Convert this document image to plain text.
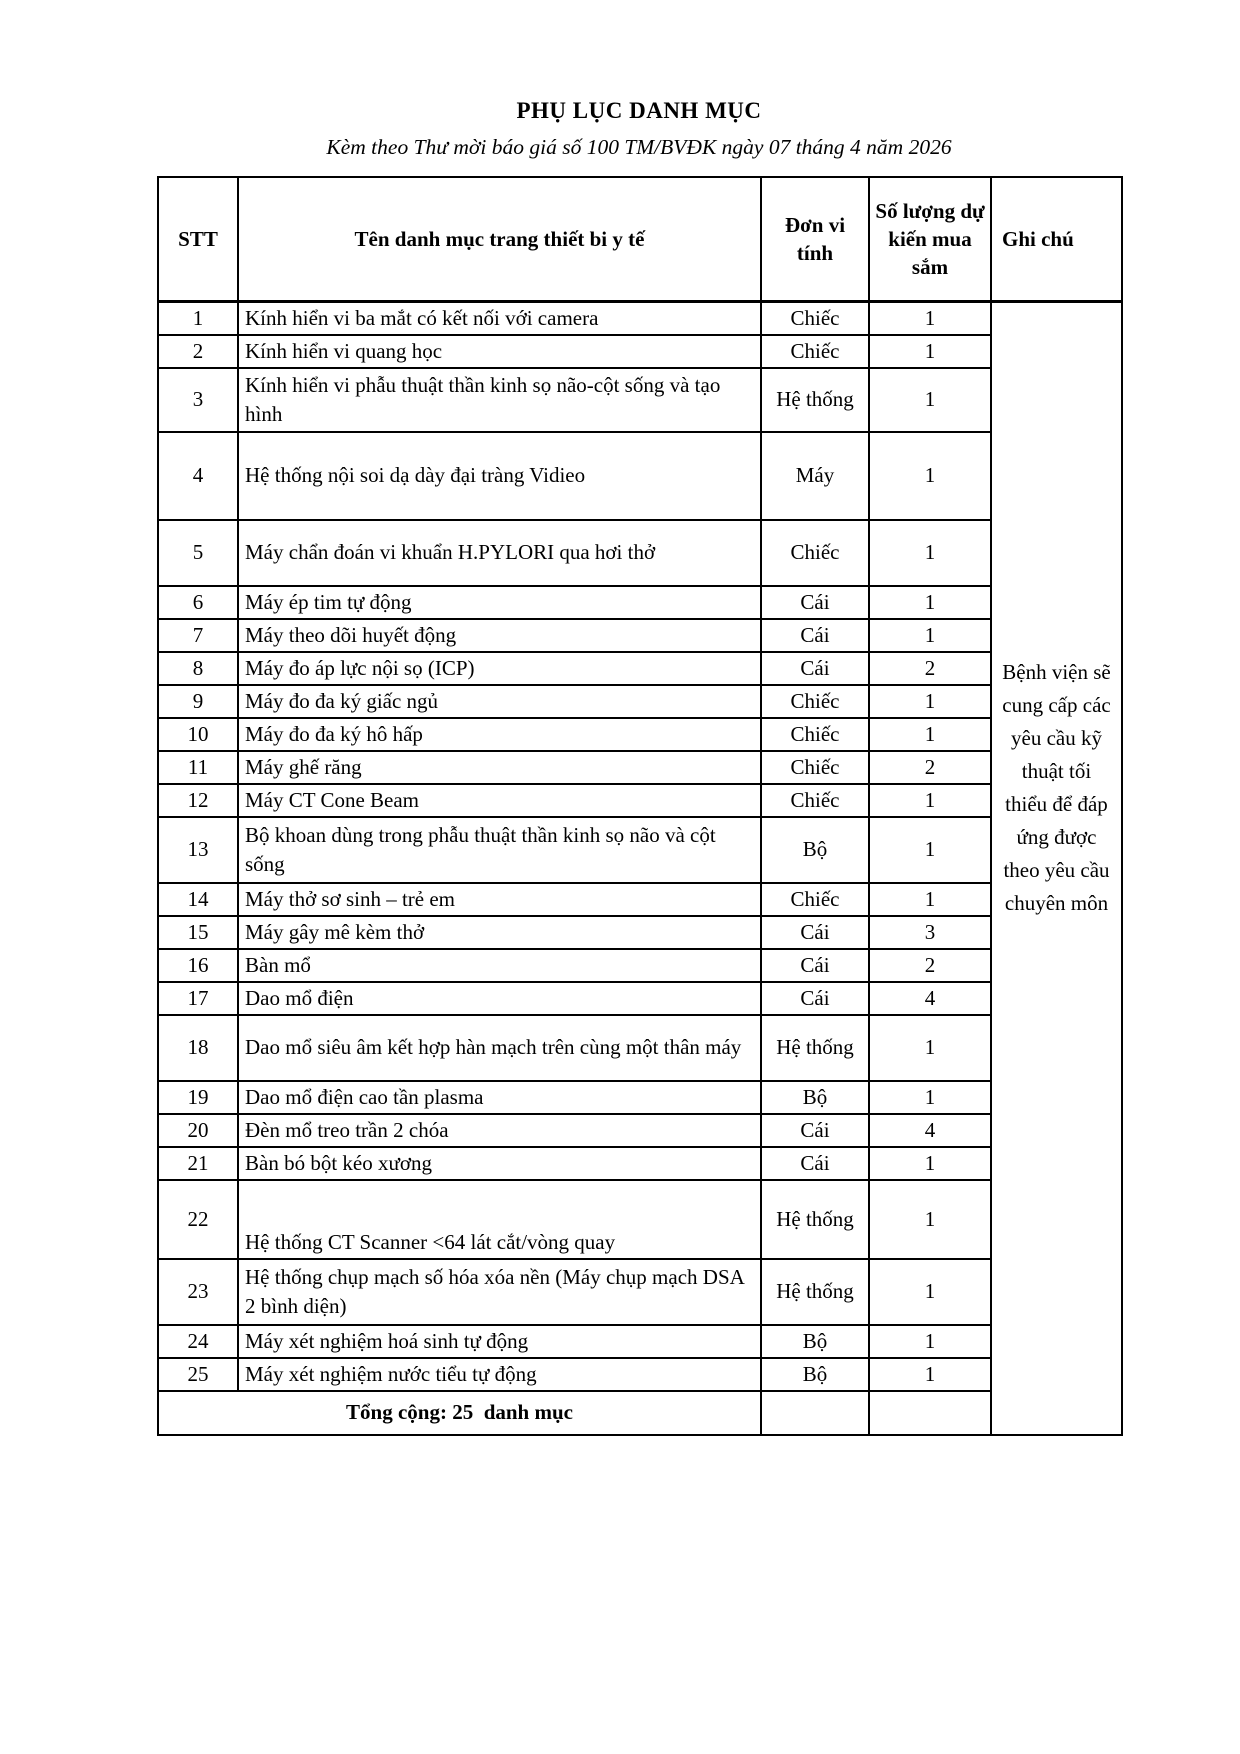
PHỤ LỤC DANH MỤC
Kèm theo Thư mời báo giá số 100 TM/BVĐK ngày 07 tháng 4 năm 2026
STT	Tên danh mục trang thiết bi y tế	Đơn vi tính	Số lượng dự kiến mua sắm	Ghi chú
1	Kính hiển vi ba mắt có kết nối với camera	Chiếc	1	Bệnh viện sẽ cung cấp các yêu cầu kỹ thuật tối thiểu để đáp ứng được theo yêu cầu chuyên môn
2	Kính hiển vi quang học	Chiếc	1	
3	Kính hiển vi phẫu thuật thần kinh sọ não-cột sống và tạo hình	Hệ thống	1	
4	Hệ thống nội soi dạ dày đại tràng Vidieo	Máy	1	
5	Máy chẩn đoán vi khuẩn H.PYLORI qua hơi thở	Chiếc	1	
6	Máy ép tim tự động	Cái	1	
7	Máy theo dõi huyết động	Cái	1	
8	Máy đo áp lực nội sọ (ICP)	Cái	2	
9	Máy đo đa ký giấc ngủ	Chiếc	1	
10	Máy đo đa ký hô hấp	Chiếc	1	
11	Máy ghế răng	Chiếc	2	
12	Máy CT Cone Beam	Chiếc	1	
13	Bộ khoan dùng trong phẫu thuật thần kinh sọ não và cột sống	Bộ	1	
14	Máy thở sơ sinh – trẻ em	Chiếc	1	
15	Máy gây mê kèm thở	Cái	3	
16	Bàn mổ	Cái	2	
17	Dao mổ điện	Cái	4	
18	Dao mổ siêu âm kết hợp hàn mạch trên cùng một thân máy	Hệ thống	1	
19	Dao mổ điện cao tần plasma	Bộ	1	
20	Đèn mổ treo trần 2 chóa	Cái	4	
21	Bàn bó bột kéo xương	Cái	1	
22	Hệ thống CT Scanner <64 lát cắt/vòng quay	Hệ thống	1	
23	Hệ thống chụp mạch số hóa xóa nền (Máy chụp mạch DSA 2 bình diện)	Hệ thống	1	
24	Máy xét nghiệm hoá sinh tự động	Bộ	1	
25	Máy xét nghiệm nước tiểu tự động	Bộ	1	
Tổng cộng: 25  danh mục				
